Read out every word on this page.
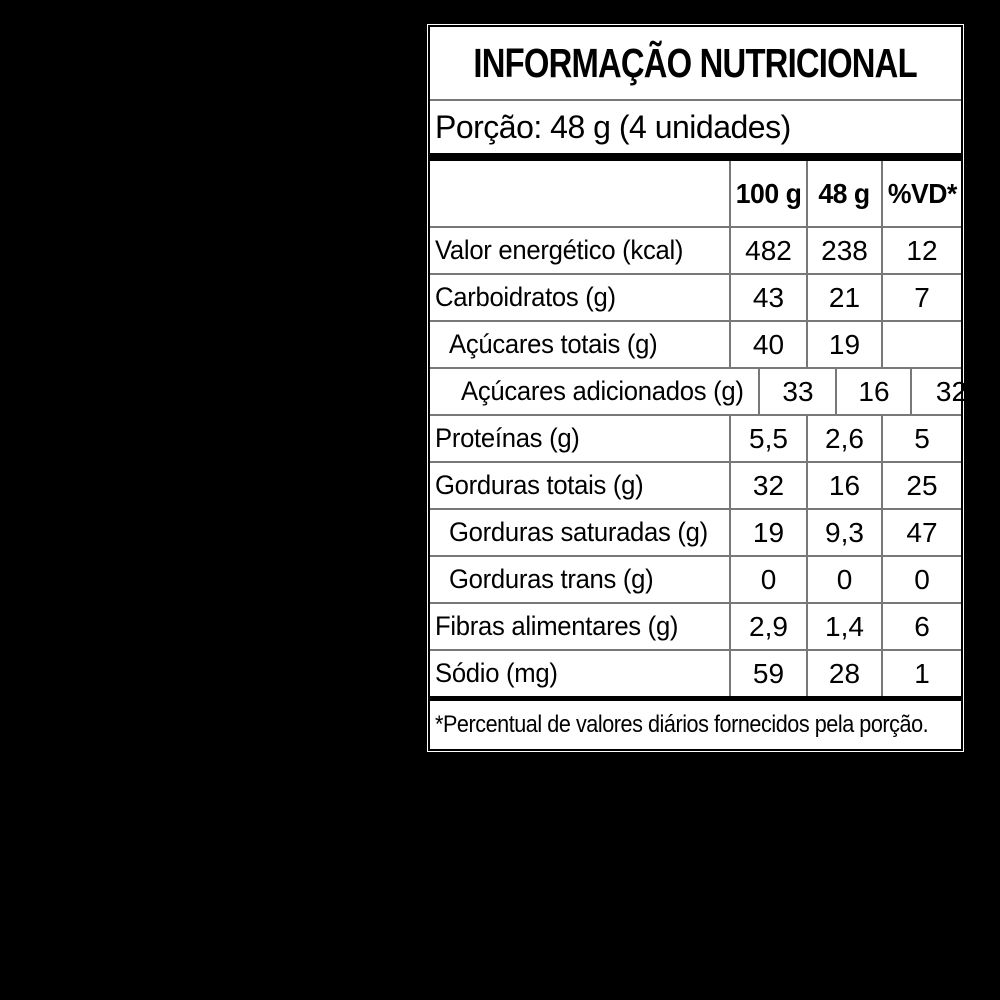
INFORMAÇÃO NUTRICIONAL
Porção: 48 g (4 unidades)
100 g 48 g %VD*
Valor energético (kcal)	482	238	12
Carboidratos (g)	43	21	7
Açúcares totais (g)	40	19
Açúcares adicionados (g)	33	16	32
Proteínas (g)	5,5	2,6	5
Gorduras totais (g)	32	16	25
Gorduras saturadas (g)	19	9,3	47
Gorduras trans (g)	0	0	0
Fibras alimentares (g)	2,9	1,4	6
Sódio (mg)	59	28	1
*Percentual de valores diários fornecidos pela porção.
